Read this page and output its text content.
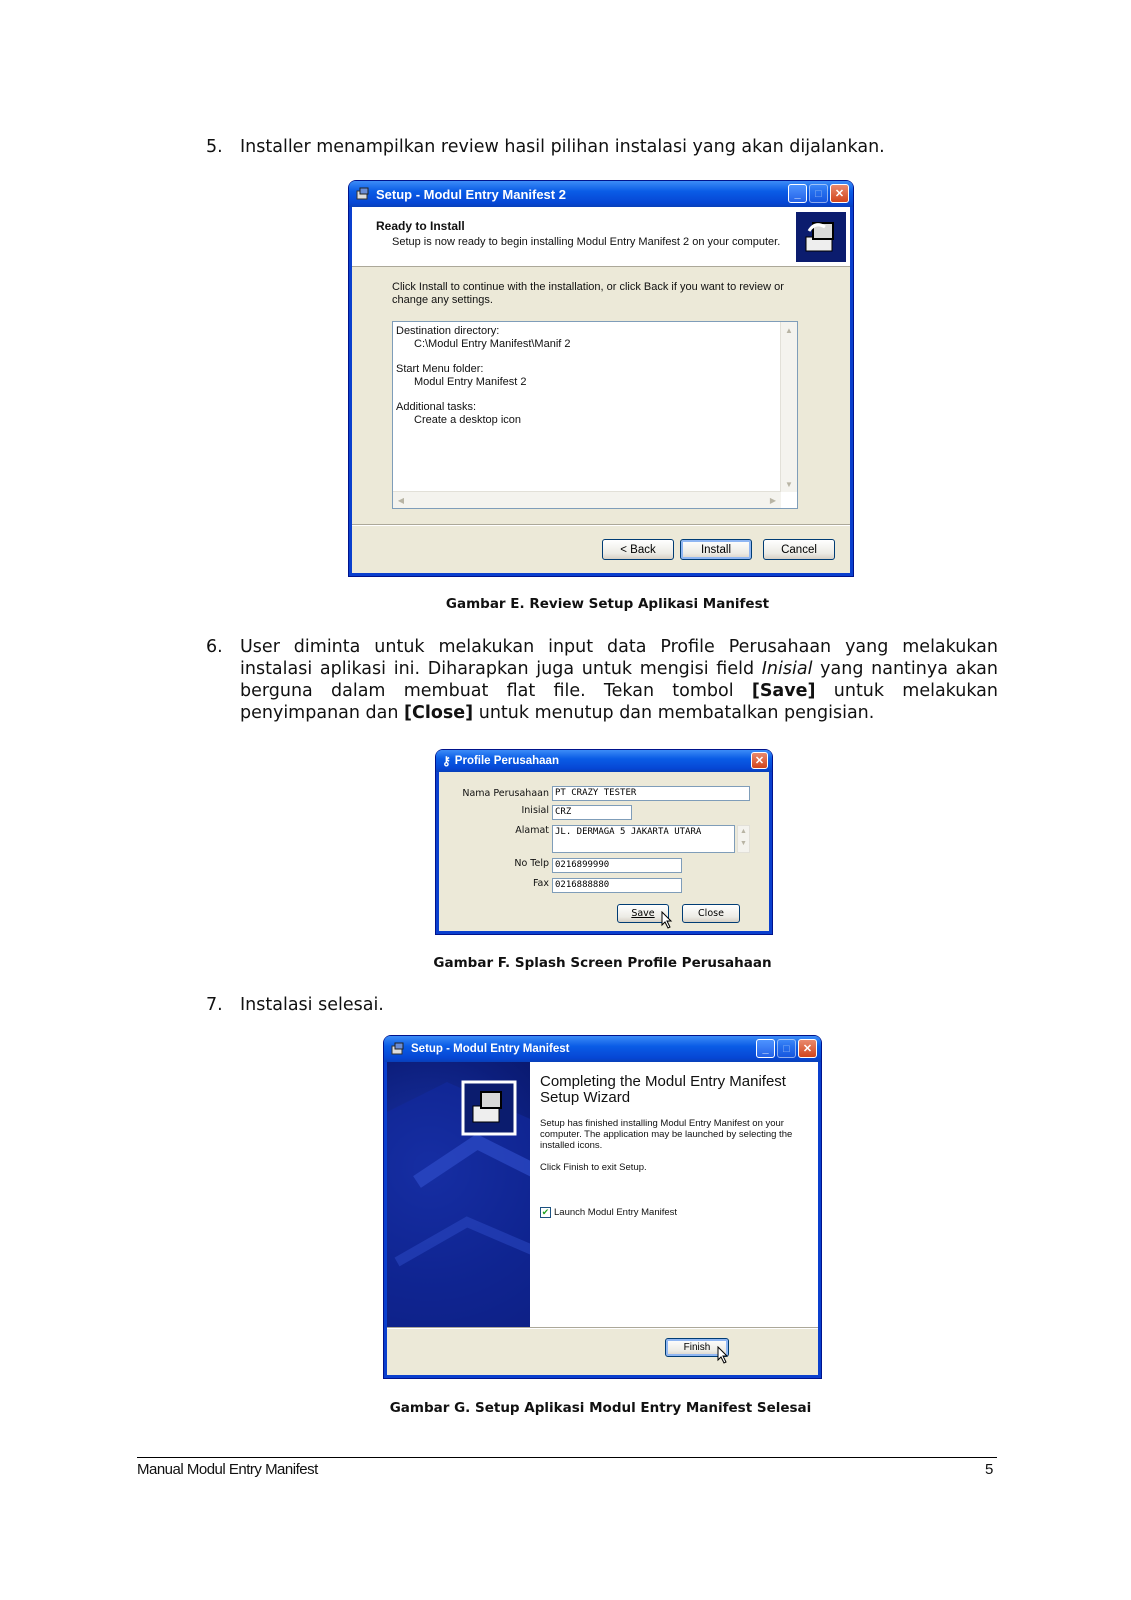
5. Installer menampilkan review hasil pilihan instalasi yang akan dijalankan.
Setup - Modul Entry Manifest 2	_	□	✕
Ready to Install
Setup is now ready to begin installing Modul Entry Manifest 2 on your computer.
Click Install to continue with the installation, or click Back if you want to review or change any settings.
Destination directory:
C:\Modul Entry Manifest\Manif 2
Start Menu folder:
Modul Entry Manifest 2
Additional tasks:
Create a desktop icon
▲
▼
◀	▶
< Back	Install	Cancel
Gambar E. Review Setup Aplikasi Manifest
6. User diminta untuk melakukan input data Profile Perusahaan yang melakukan instalasi aplikasi ini. Diharapkan juga untuk mengisi field Inisial yang nantinya akan berguna dalam membuat flat file. Tekan tombol [Save] untuk melakukan penyimpanan dan [Close] untuk menutup dan membatalkan pengisian.
⚷ Profile Perusahaan	✕
Nama Perusahaan PT CRAZY TESTER
Inisial CRZ
Alamat JL. DERMAGA 5 JAKARTA UTARA	▲
▼
No Telp 0216899990
Fax 0216888880
Save	Close
Gambar F. Splash Screen Profile Perusahaan
7. Instalasi selesai.
Setup - Modul Entry Manifest	_	□	✕
Completing the Modul Entry Manifest Setup Wizard
Setup has finished installing Modul Entry Manifest on your computer. The application may be launched by selecting the installed icons.
Click Finish to exit Setup.
✔ Launch Modul Entry Manifest
Finish
Gambar G. Setup Aplikasi Modul Entry Manifest Selesai
Manual Modul Entry Manifest	5
